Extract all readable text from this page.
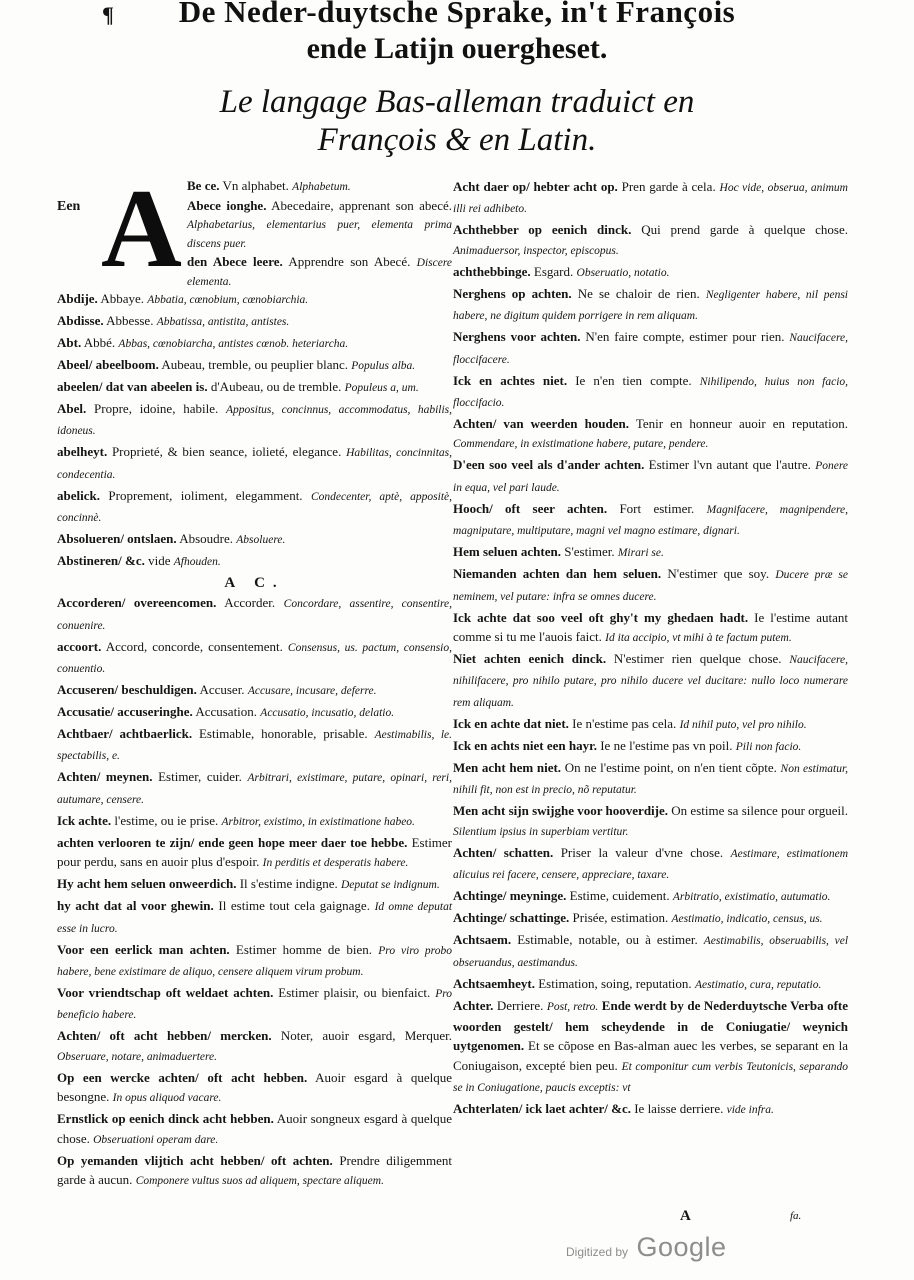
¶	De Neder-duytsche Sprake, in't François
ende Latijn ouergheset.
Le langage Bas-alleman traduict en
François & en Latin.
Een A Be ce. Vn alphabet. Alphabetum.

Abece ionghe. Abecedaire, apprenant son abecé. Alphabetarius, elementarius puer, elementa prima discens puer.

den Abece leere. Apprendre son Abecé. Discere elementa.

Abdije. Abbaye. Abbatia, cœnobium, cœnobiarchia.

Abdisse. Abbesse. Abbatissa, antistita, antistes.

Abt. Abbé. Abbas, cœnobiarcha, antistes cœnob. heteriarcha.

Abeel/ abeelboom. Aubeau, tremble, ou peuplier blanc. Populus alba.

abeelen/ dat van abeelen is. d'Aubeau, ou de tremble. Populeus a, um.

Abel. Propre, idoine, habile. Appositus, concinnus, accommodatus, habilis, idoneus.

abelheyt. Proprieté, & bien seance, iolieté, elegance. Habilitas, concinnitas, condecentia.

abelick. Proprement, ioliment, elegamment. Condecenter, aptè, appositè, concinnè.

Absolueren/ ontslaen. Absoudre. Absoluere.

Abstineren/ &c. vide Afhouden.

A C.

Accorderen/ overeencomen. Accorder. Concordare, assentire, consentire, conuenire.

accoort. Accord, concorde, consentement. Consensus, us. pactum, consensio, conuentio.

Accuseren/ beschuldigen. Accuser. Accusare, incusare, deferre.

Accusatie/ accuseringhe. Accusation. Accusatio, incusatio, delatio.

Achtbaer/ achtbaerlick. Estimable, honorable, prisable. Aestimabilis, le. spectabilis, e.

Achten/ meynen. Estimer, cuider. Arbitrari, existimare, putare, opinari, reri, autumare, censere.

Ick achte. l'estime, ou ie prise. Arbitror, existimo, in existimatione habeo.

achten verlooren te zijn/ ende geen hope meer daer toe hebbe. Estimer pour perdu, sans en auoir plus d'espoir. In perditis et desperatis habere.

Hy acht hem seluen onweerdich. Il s'estime indigne. Deputat se indignum.

hy acht dat al voor ghewin. Il estime tout cela gaignage. Id omne deputat esse in lucro.

Voor een eerlick man achten. Estimer homme de bien. Pro viro probo habere, bene existimare de aliquo, censere aliquem virum probum.

Voor vriendtschap oft weldaet achten. Estimer plaisir, ou bienfaict. Pro beneficio habere.

Achten/ oft acht hebben/ mercken. Noter, auoir esgard, Merquer. Obseruare, notare, animaduertere.

Op een wercke achten/ oft acht hebben. Auoir esgard à quelque besongne. In opus aliquod vacare.

Ernstlick op eenich dinck acht hebben. Auoir songneux esgard à quelque chose. Obseruationi operam dare.

Op yemanden vlijtich acht hebben/ oft achten. Prendre diligemment garde à aucun. Componere vultus suos ad aliquem, spectare aliquem.

Acht daer op/ hebter acht op. Pren garde à cela. Hoc vide, obserua, animum illi rei adhibeto.

Achthebber op eenich dinck. Qui prend garde à quelque chose. Animaduersor, inspector, episcopus.

achthebbinge. Esgard. Obseruatio, notatio.

Nerghens op achten. Ne se chaloir de rien. Negligenter habere, nil pensi habere, ne digitum quidem porrigere in rem aliquam.

Nerghens voor achten. N'en faire compte, estimer pour rien. Naucifacere, floccifacere.

Ick en achtes niet. Ie n'en tien compte. Nihilipendo, huius non facio, floccifacio.

Achten/ van weerden houden. Tenir en honneur auoir en reputation. Commendare, in existimatione habere, putare, pendere.

D'een soo veel als d'ander achten. Estimer l'vn autant que l'autre. Ponere in equa, vel pari laude.

Hooch/ oft seer achten. Fort estimer. Magnifacere, magnipendere, magniputare, multiputare, magni vel magno estimare, dignari.

Hem seluen achten. S'estimer. Mirari se.

Niemanden achten dan hem seluen. N'estimer que soy. Ducere præ se neminem, vel putare: infra se omnes ducere.

Ick achte dat soo veel oft ghy't my ghedaen hadt. Ie l'estime autant comme si tu me l'auois faict. Id ita accipio, vt mihi à te factum putem.

Niet achten eenich dinck. N'estimer rien quelque chose. Naucifacere, nihilifacere, pro nihilo putare, pro nihilo ducere vel ducitare: nullo loco numerare rem aliquam.

Ick en achte dat niet. Ie n'estime pas cela. Id nihil puto, vel pro nihilo.

Ick en achts niet een hayr. Ie ne l'estime pas vn poil. Pili non facio.

Men acht hem niet. On ne l'estime point, on n'en tient cõpte. Non estimatur, nihili fit, non est in precio, nõ reputatur.

Men acht sijn swijghe voor hooverdije. On estime sa silence pour orgueil. Silentium ipsius in superbiam vertitur.

Achten/ schatten. Priser la valeur d'vne chose. Aestimare, estimationem alicuius rei facere, censere, appreciare, taxare.

Achtinge/ meyninge. Estime, cuidement. Arbitratio, existimatio, autumatio.

Achtinge/ schattinge. Prisée, estimation. Aestimatio, indicatio, census, us.

Achtsaem. Estimable, notable, ou à estimer. Aestimabilis, obseruabilis, vel obseruandus, aestimandus.

Achtsaemheyt. Estimation, soing, reputation. Aestimatio, cura, reputatio.

Achter. Derriere. Post, retro. Ende werdt by de Nederduytsche Verba ofte woorden gestelt/ hem scheydende in de Coniugatie/ weynich uytgenomen. Et se cõpose en Bas-alman auec les verbes, se separant en la Coniugaison, excepté bien peu. Et componitur cum verbis Teutonicis, separando se in Coniugatione, paucis exceptis: vt

Achterlaten/ ick laet achter/ &c. Ie laisse derriere. vide infra.

A	fa.
Digitized by Google
